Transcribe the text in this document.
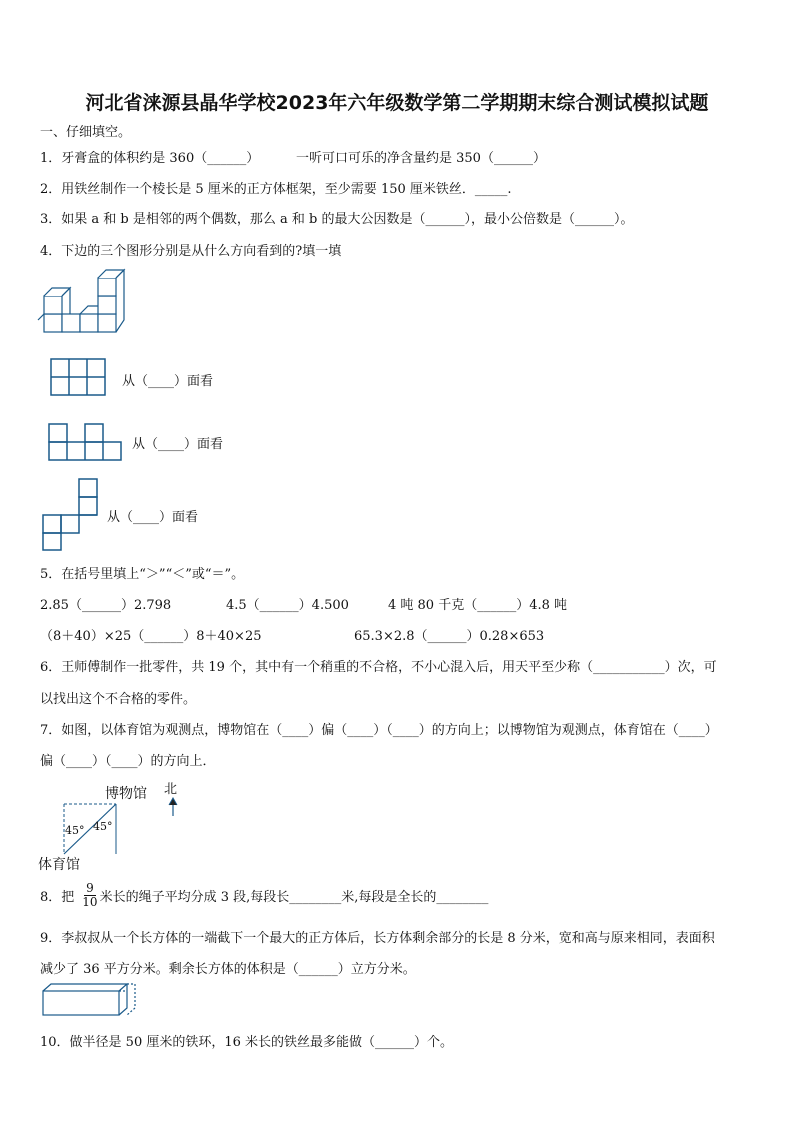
河北省涞源县晶华学校2023年六年级数学第二学期期末综合测试模拟试题
一、仔细填空。
1．牙膏盒的体积约是 360（______）	一听可口可乐的净含量约是 350（______）
2．用铁丝制作一个棱长是 5 厘米的正方体框架，至少需要 150 厘米铁丝．_____.
3．如果 a 和 b 是相邻的两个偶数，那么 a 和 b 的最大公因数是（______），最小公倍数是（______）。
4．下边的三个图形分别是从什么方向看到的?填一填
从（____）面看
从（____）面看
从（____）面看
5．在括号里填上“＞”“＜”或“＝”。
2.85（______）2.798	4.5（______）4.500	4 吨 80 千克（______）4.8 吨
（8＋40）×25（______）8＋40×25	65.3×2.8（______）0.28×653
6．王师傅制作一批零件，共 19 个，其中有一个稍重的不合格，不小心混入后，用天平至少称（___________）次，可
以找出这个不合格的零件。
7．如图，以体育馆为观测点，博物馆在（____）偏（____）（____）的方向上；以博物馆为观测点，体育馆在（____）
偏（____）（____）的方向上．
博物馆 北
45° 45°
体育馆
8．把 $\frac{9}{10}$ 米长的绳子平均分成 3 段,每段长________米,每段是全长的________
9．李叔叔从一个长方体的一端截下一个最大的正方体后，长方体剩余部分的长是 8 分米，宽和高与原来相同，表面积
减少了 36 平方分米。剩余长方体的体积是（______）立方分米。
10．做半径是 50 厘米的铁环，16 米长的铁丝最多能做（______）个。
